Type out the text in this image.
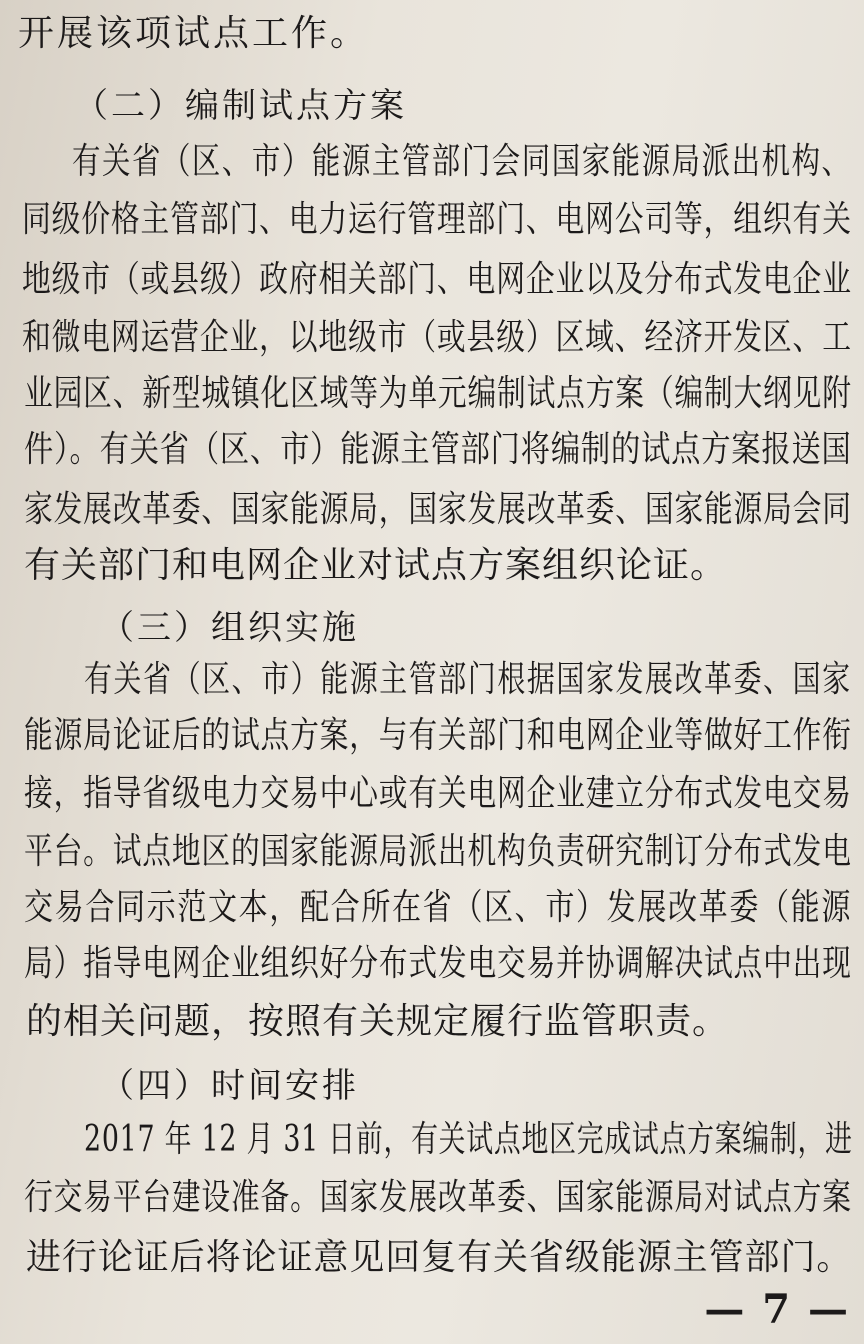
开展该项试点工作。
（二）编制试点方案
有关省（区、市）能源主管部门会同国家能源局派出机构、
同级价格主管部门、电力运行管理部门、电网公司等，组织有关
地级市（或县级）政府相关部门、电网企业以及分布式发电企业
和微电网运营企业，以地级市（或县级）区域、经济开发区、工
业园区、新型城镇化区域等为单元编制试点方案（编制大纲见附
件）。有关省（区、市）能源主管部门将编制的试点方案报送国
家发展改革委、国家能源局，国家发展改革委、国家能源局会同
有关部门和电网企业对试点方案组织论证。
（三）组织实施
有关省（区、市）能源主管部门根据国家发展改革委、国家
能源局论证后的试点方案，与有关部门和电网企业等做好工作衔
接，指导省级电力交易中心或有关电网企业建立分布式发电交易
平台。试点地区的国家能源局派出机构负责研究制订分布式发电
交易合同示范文本，配合所在省（区、市）发展改革委（能源
局）指导电网企业组织好分布式发电交易并协调解决试点中出现
的相关问题，按照有关规定履行监管职责。
（四）时间安排
2017 年 12 月 31 日前，有关试点地区完成试点方案编制，进
行交易平台建设准备。国家发展改革委、国家能源局对试点方案
进行论证后将论证意见回复有关省级能源主管部门。
— 7 —
